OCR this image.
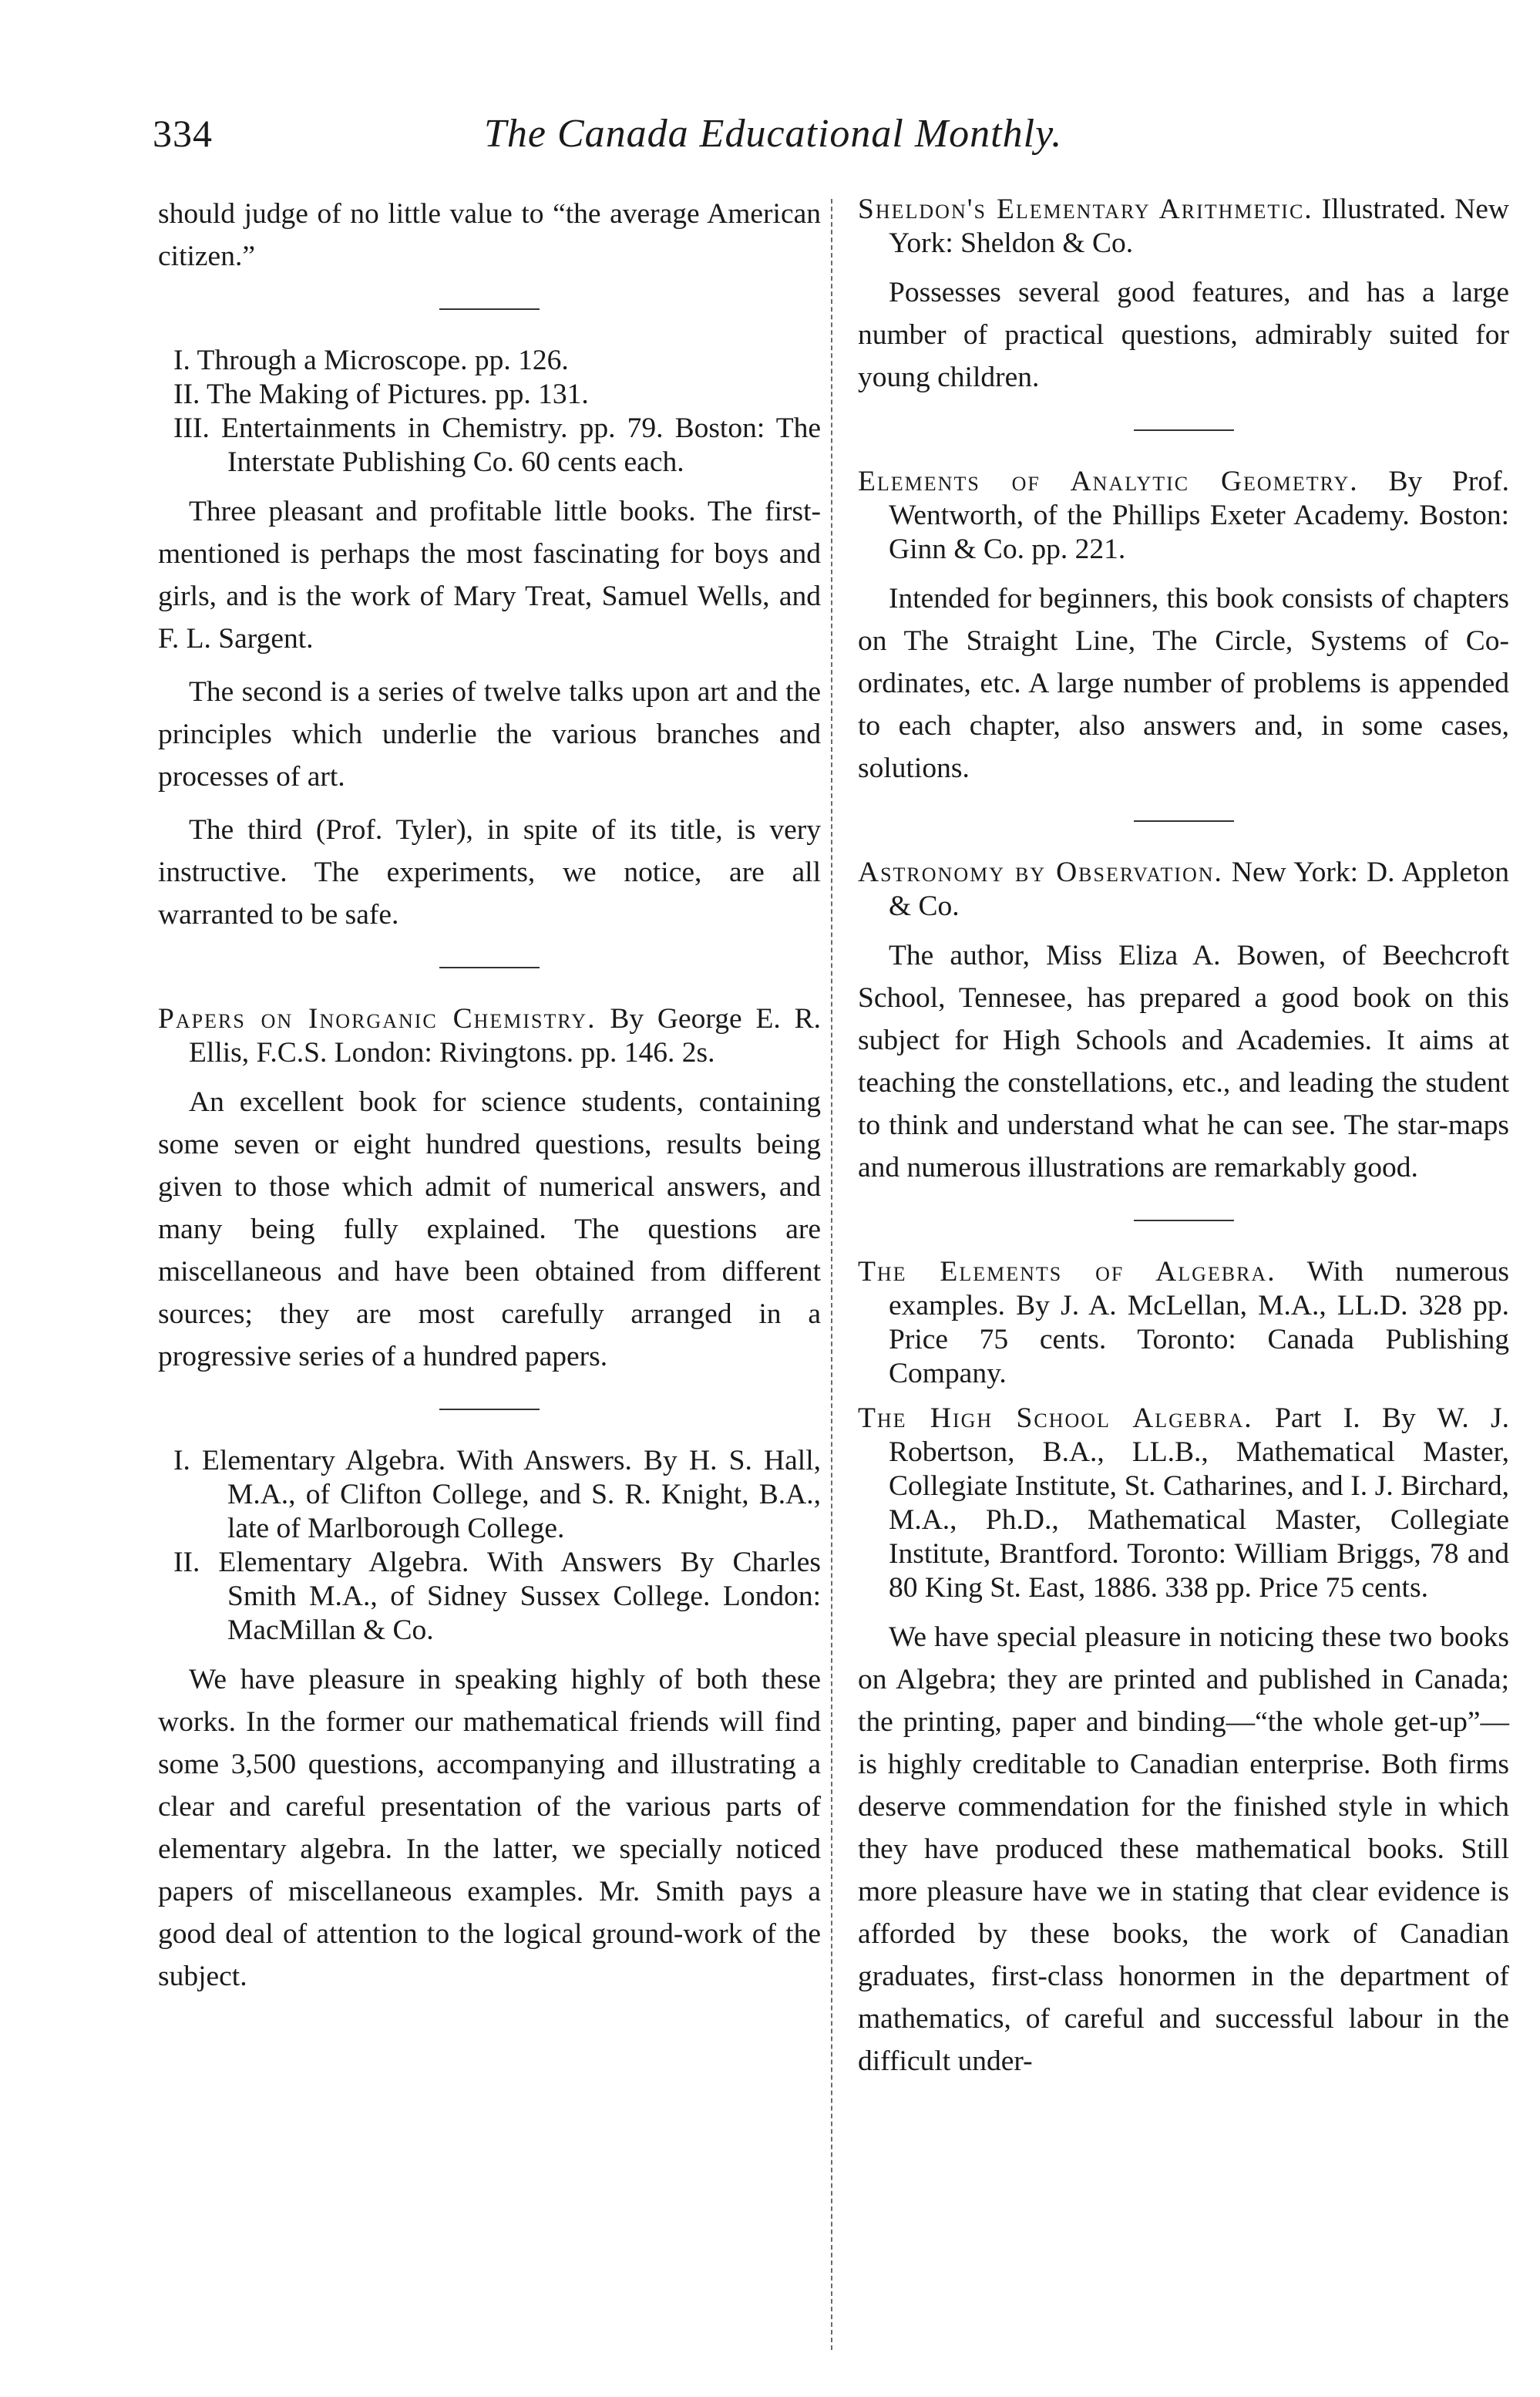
334	The Canada Educational Monthly.

should judge of no little value to “the average American citizen.”

I. Through a Microscope. pp. 126.
II. The Making of Pictures. pp. 131.
III. Entertainments in Chemistry. pp. 79. Boston: The Interstate Publishing Co. 60 cents each.

Three pleasant and profitable little books. The first-mentioned is perhaps the most fascinating for boys and girls, and is the work of Mary Treat, Samuel Wells, and F. L. Sargent.

The second is a series of twelve talks upon art and the principles which underlie the various branches and processes of art.

The third (Prof. Tyler), in spite of its title, is very instructive. The experiments, we notice, are all warranted to be safe.

Papers on Inorganic Chemistry. By George E. R. Ellis, F.C.S. London: Rivingtons. pp. 146. 2s.

An excellent book for science students, containing some seven or eight hundred questions, results being given to those which admit of numerical answers, and many being fully explained. The questions are miscellaneous and have been obtained from different sources; they are most carefully arranged in a progressive series of a hundred papers.

I. Elementary Algebra. With Answers. By H. S. Hall, M.A., of Clifton College, and S. R. Knight, B.A., late of Marlborough College.
II. Elementary Algebra. With Answers By Charles Smith M.A., of Sidney Sussex College. London: MacMillan & Co.

We have pleasure in speaking highly of both these works. In the former our mathematical friends will find some 3,500 questions, accompanying and illustrating a clear and careful presentation of the various parts of elementary algebra. In the latter, we specially noticed papers of miscellaneous examples. Mr. Smith pays a good deal of attention to the logical ground-work of the subject.

Sheldon's Elementary Arithmetic. Illustrated. New York: Sheldon & Co.

Possesses several good features, and has a large number of practical questions, admirably suited for young children.

Elements of Analytic Geometry. By Prof. Wentworth, of the Phillips Exeter Academy. Boston: Ginn & Co. pp. 221.

Intended for beginners, this book consists of chapters on The Straight Line, The Circle, Systems of Co-ordinates, etc. A large number of problems is appended to each chapter, also answers and, in some cases, solutions.

Astronomy by Observation. New York: D. Appleton & Co.

The author, Miss Eliza A. Bowen, of Beechcroft School, Tennesee, has prepared a good book on this subject for High Schools and Academies. It aims at teaching the constellations, etc., and leading the student to think and understand what he can see. The star-maps and numerous illustrations are remarkably good.

The Elements of Algebra. With numerous examples. By J. A. McLellan, M.A., LL.D. 328 pp. Price 75 cents. Toronto: Canada Publishing Company.
The High School Algebra. Part I. By W. J. Robertson, B.A., LL.B., Mathematical Master, Collegiate Institute, St. Catharines, and I. J. Birchard, M.A., Ph.D., Mathematical Master, Collegiate Institute, Brantford. Toronto: William Briggs, 78 and 80 King St. East, 1886. 338 pp. Price 75 cents.

We have special pleasure in noticing these two books on Algebra; they are printed and published in Canada; the printing, paper and binding—“the whole get-up”—is highly creditable to Canadian enterprise. Both firms deserve commendation for the finished style in which they have produced these mathematical books. Still more pleasure have we in stating that clear evidence is afforded by these books, the work of Canadian graduates, first-class honormen in the department of mathematics, of careful and successful labour in the difficult under-
